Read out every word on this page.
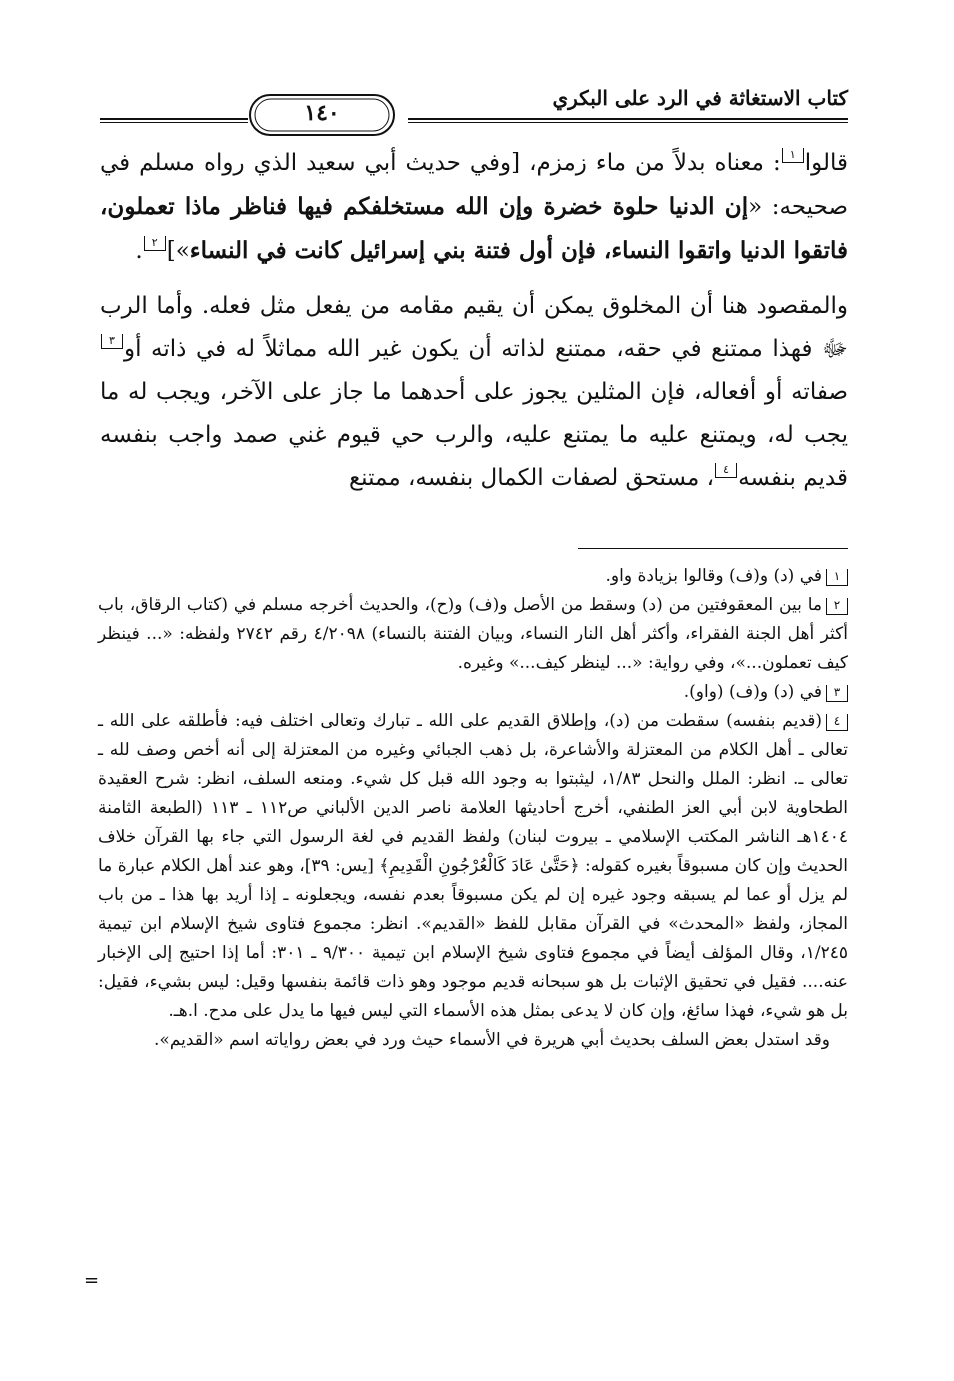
كتاب الاستغاثة في الرد على البكري
١٤٠

قالوا١: معناه بدلاً من ماء زمزم، [وفي حديث أبي سعيد الذي رواه مسلم في صحيحه: «إن الدنيا حلوة خضرة وإن الله مستخلفكم فيها فناظر ماذا تعملون، فاتقوا الدنيا واتقوا النساء، فإن أول فتنة بني إسرائيل كانت في النساء»]٢.

والمقصود هنا أن المخلوق يمكن أن يقيم مقامه من يفعل مثل فعله. وأما الرب ﷻ فهذا ممتنع في حقه، ممتنع لذاته أن يكون غير الله مماثلاً له في ذاته أو٣ صفاته أو أفعاله، فإن المثلين يجوز على أحدهما ما جاز على الآخر، ويجب له ما يجب له، ويمتنع عليه ما يمتنع عليه، والرب حي قيوم غني صمد واجب بنفسه قديم بنفسه٤، مستحق لصفات الكمال بنفسه، ممتنع

١في (د) و(ف) وقالوا بزيادة واو.

٢ما بين المعقوفتين من (د) وسقط من الأصل و(ف) و(ح)، والحديث أخرجه مسلم في (كتاب الرقاق، باب أكثر أهل الجنة الفقراء، وأكثر أهل النار النساء، وبيان الفتنة بالنساء) ٤/٢٠٩٨ رقم ٢٧٤٢ ولفظه: «... فينظر كيف تعملون...»، وفي رواية: «... لينظر كيف...» وغيره.

٣في (د) و(ف) (واو).

٤(قديم بنفسه) سقطت من (د)، وإطلاق القديم على الله ـ تبارك وتعالى اختلف فيه: فأطلقه على الله ـ تعالى ـ أهل الكلام من المعتزلة والأشاعرة، بل ذهب الجبائي وغيره من المعتزلة إلى أنه أخص وصف لله ـ تعالى ـ. انظر: الملل والنحل ١/٨٣، ليثبتوا به وجود الله قبل كل شيء. ومنعه السلف، انظر: شرح العقيدة الطحاوية لابن أبي العز الطنفي، أخرج أحاديثها العلامة ناصر الدين الألباني ص١١٢ ـ ١١٣ (الطبعة الثامنة ١٤٠٤هـ الناشر المكتب الإسلامي ـ بيروت لبنان) ولفظ القديم في لغة الرسول التي جاء بها القرآن خلاف الحديث وإن كان مسبوقاً بغيره كقوله: ﴿حَتَّىٰ عَادَ كَالْعُرْجُونِ الْقَدِيمِ﴾ [يس: ٣٩]، وهو عند أهل الكلام عبارة ما لم يزل أو عما لم يسبقه وجود غيره إن لم يكن مسبوقاً بعدم نفسه، ويجعلونه ـ إذا أريد بها هذا ـ من باب المجاز، ولفظ «المحدث» في القرآن مقابل للفظ «القديم». انظر: مجموع فتاوى شيخ الإسلام ابن تيمية ١/٢٤٥، وقال المؤلف أيضاً في مجموع فتاوى شيخ الإسلام ابن تيمية ٩/٣٠٠ ـ ٣٠١: أما إذا احتيج إلى الإخبار عنه.... فقيل في تحقيق الإثبات بل هو سبحانه قديم موجود وهو ذات قائمة بنفسها وقيل: ليس بشيء، فقيل: بل هو شيء، فهذا سائغ، وإن كان لا يدعى بمثل هذه الأسماء التي ليس فيها ما يدل على مدح. ا.هـ.

وقد استدل بعض السلف بحديث أبي هريرة في الأسماء حيث ورد في بعض رواياته اسم «القديم».

=
